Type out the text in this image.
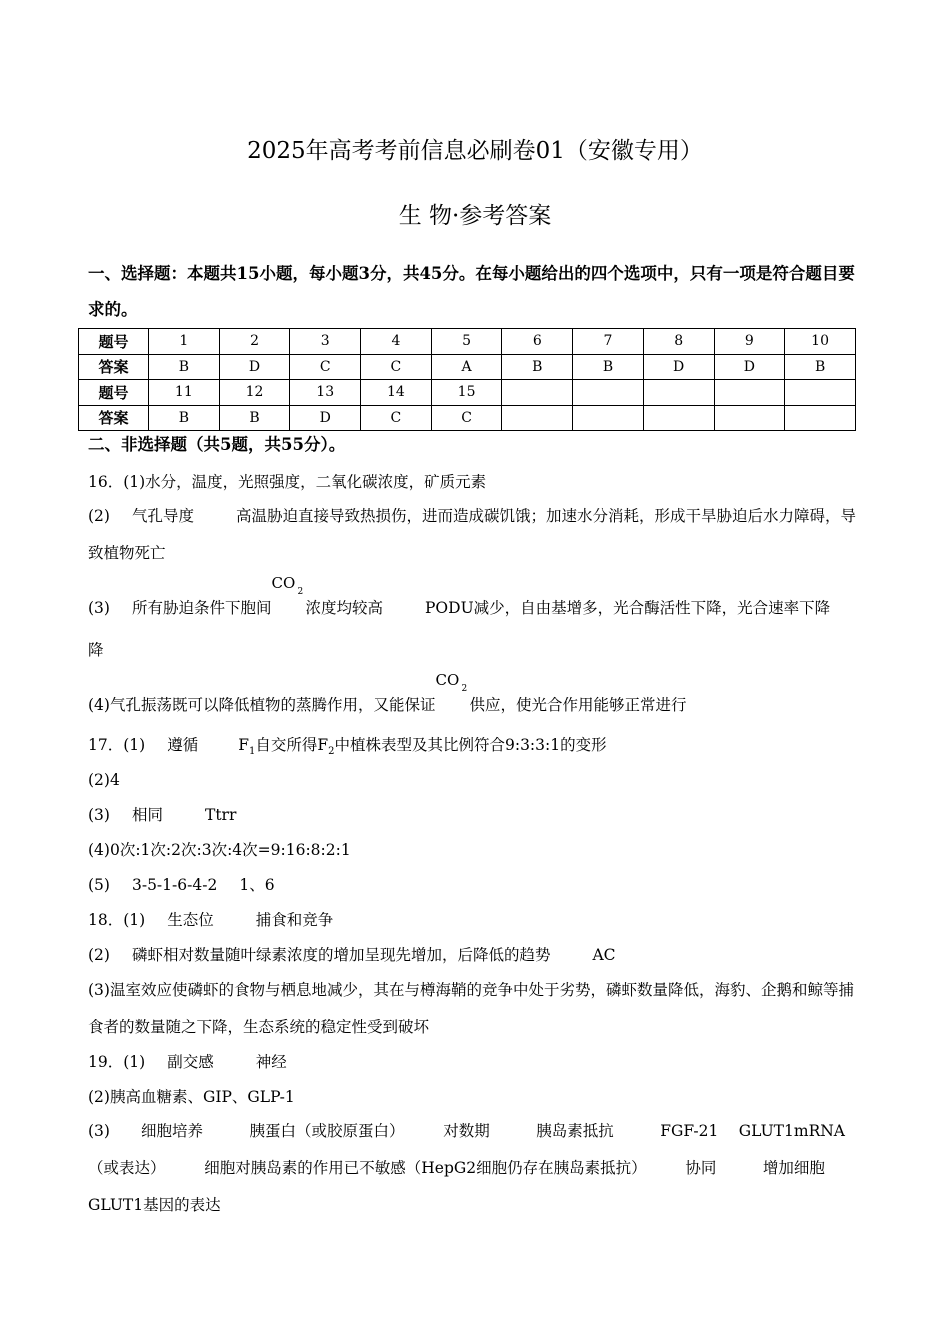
2025年高考考前信息必刷卷01（安徽专用）
生 物·参考答案
一、选择题：本题共15小题，每小题3分，共45分。在每小题给出的四个选项中，只有一项是符合题目要求的。
题号	1	2	3	4	5	6	7	8	9	10
答案	B	D	C	C	A	B	B	D	D	B
题号	11	12	13	14	15					
答案	B	B	D	C	C					
二、非选择题（共5题，共55分）。
16．(1)水分，温度，光照强度，二氧化碳浓度，矿质元素
(2) 气孔导度	高温胁迫直接导致热损伤，进而造成碳饥饿；加速水分消耗，形成干旱胁迫后水力障碍，导致植物死亡
(3) 所有胁迫条件下胞间
CO 2
浓度均较高	PODU减少，自由基增多，光合酶活性下降，光合速率下降
降
(4)气孔振荡既可以降低植物的蒸腾作用，又能保证
CO 2
供应，使光合作用能够正常进行
17．(1) 遵循	$F_1$自交所得$F_2$中植株表型及其比例符合9:3:3:1的变形
(2)4
(3) 相同	Ttrr
(4)0次:1次:2次:3次:4次=9:16:8:2:1
(5) 3-5-1-6-4-2 1、6
18．(1) 生态位	捕食和竞争
(2) 磷虾相对数量随叶绿素浓度的增加呈现先增加，后降低的趋势	AC
(3)温室效应使磷虾的食物与栖息地减少，其在与樽海鞘的竞争中处于劣势，磷虾数量降低，海豹、企鹅和鲸等捕食者的数量随之下降，生态系统的稳定性受到破坏
19．(1) 副交感	神经
(2)胰高血糖素、GIP、GLP-1
(3)　　细胞培养　　　胰蛋白（或胶原蛋白）　　　对数期　　　胰岛素抵抗　　　FGF-21　 GLUT1mRNA（或表达）　　　细胞对胰岛素的作用已不敏感（HepG2细胞仍存在胰岛素抵抗）　　　协同　　　增加细胞GLUT1基因的表达
